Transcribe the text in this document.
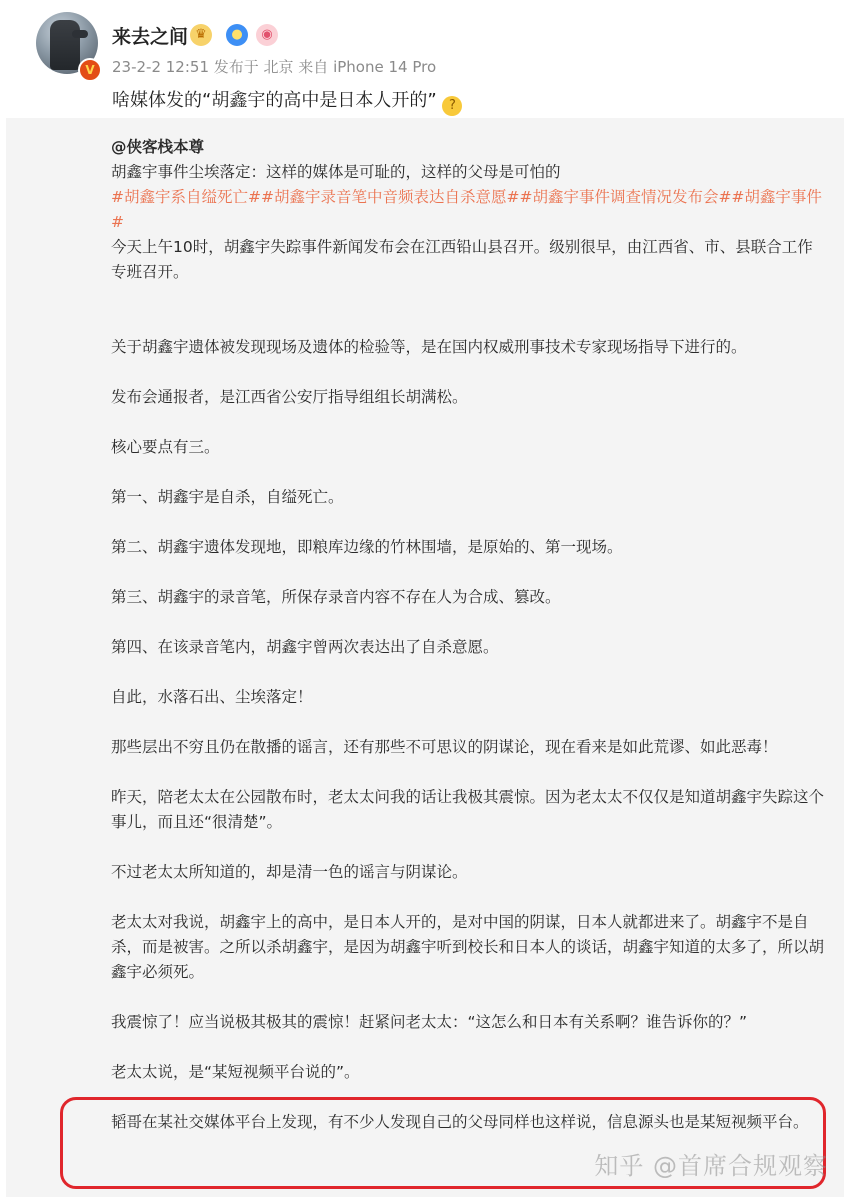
V
来去之间 ♛	●	◉
23-2-2 12:51 发布于 北京 来自 iPhone 14 Pro
啥媒体发的“胡鑫宇的高中是日本人开的” ?

@侠客栈本尊

胡鑫宇事件尘埃落定：这样的媒体是可耻的，这样的父母是可怕的

#胡鑫宇系自缢死亡##胡鑫宇录音笔中音频表达自杀意愿##胡鑫宇事件调查情况发布会##胡鑫宇事件#

今天上午10时，胡鑫宇失踪事件新闻发布会在江西铅山县召开。级别很早，由江西省、市、县联合工作专班召开。

关于胡鑫宇遗体被发现现场及遗体的检验等，是在国内权威刑事技术专家现场指导下进行的。

发布会通报者，是江西省公安厅指导组组长胡满松。

核心要点有三。

第一、胡鑫宇是自杀，自缢死亡。

第二、胡鑫宇遗体发现地，即粮库边缘的竹林围墙，是原始的、第一现场。

第三、胡鑫宇的录音笔，所保存录音内容不存在人为合成、篡改。

第四、在该录音笔内，胡鑫宇曾两次表达出了自杀意愿。

自此，水落石出、尘埃落定！

那些层出不穷且仍在散播的谣言，还有那些不可思议的阴谋论，现在看来是如此荒谬、如此恶毒！

昨天，陪老太太在公园散布时，老太太问我的话让我极其震惊。因为老太太不仅仅是知道胡鑫宇失踪这个事儿，而且还“很清楚”。

不过老太太所知道的，却是清一色的谣言与阴谋论。

老太太对我说，胡鑫宇上的高中，是日本人开的，是对中国的阴谋，日本人就都进来了。胡鑫宇不是自杀，而是被害。之所以杀胡鑫宇，是因为胡鑫宇听到校长和日本人的谈话，胡鑫宇知道的太多了，所以胡鑫宇必须死。

我震惊了！应当说极其极其的震惊！赶紧问老太太：“这怎么和日本有关系啊？谁告诉你的？”

老太太说，是“某短视频平台说的”。

韬哥在某社交媒体平台上发现，有不少人发现自己的父母同样也这样说，信息源头也是某短视频平台。

知乎 @首席合规观察
